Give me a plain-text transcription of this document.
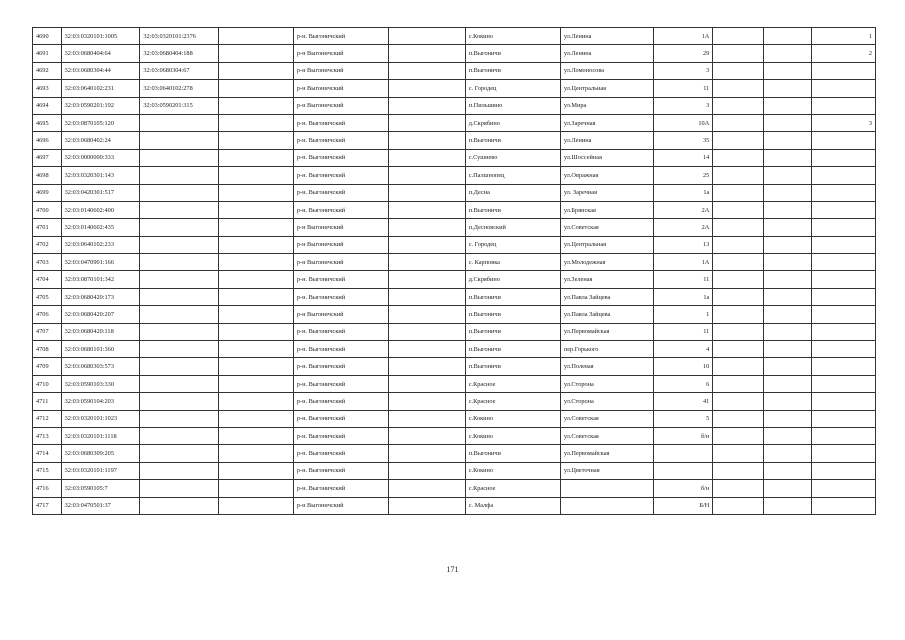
4690	32:03:0320101:1005	32:03:0320101:2376		р-н. Выгоничский		с.Кокино	ул.Ленина	1А			1
4691	32:03:0680404:64	32:03:0680404:188		р-н Выгоничский		п.Выгоничи	ул.Ленина	29			2
4692	32:03:0680304:44	32:03:0680304:67		р-н Выгоничский		п.Выгоничи	ул.Ломоносова	3			
4693	32:03:0640102:231	32:03:0640102:278		р-н Выгоничский		с. Городец	ул.Центральная	11			
4694	32:03:0590201:192	32:03:0590201:315		р-н Выгоничский		п.Пильшино	ул.Мира	3			
4695	32:03:0870105:120			р-н. Выгоничский		д.Скрябино	ул.Заречная	10А			3
4696	32:03:0680402:24			р-н. Выгоничский		п.Выгоничи	ул.Ленина	35			
4697	32:03:0000000:333			р-н. Выгоничский		с.Сушнево	ул.Шоссейная	14			
4698	32:03:0320301:143			р-н. Выгоничский		с.Палшнопец	ул.Овражная	25			
4699	32:03:0420301:517			р-н. Выгоничский		п.Десна	ул. Заречная	1а			
4700	32:03:0140602:400			р-н. Выгоничский		п.Выгоничи	ул.Брянская	2А			
4701	32:03:0140602:435			р-н Выгоничский		п.Десновский	ул.Советская	2А			
4702	32:03:0640102:233			р-н Выгоничский		с. Городец	ул.Центральная	13			
4703	32:03:0470901:166			р-н Выгоничский		с. Карповка	ул.Молодежная	1А			
4704	32:03:0870101:342			р-н. Выгоничский		д.Скрябино	ул.Зеленая	11			
4705	32:03:0680420:173			р-н. Выгоничский		п.Выгоничи	ул.Павла Зайцева	1а			
4706	32:03:0680420:207			р-н Выгоничский		п.Выгоничи	ул.Павла Зайцева	1			
4707	32:03:0680420:118			р-н. Выгоничский		п.Выгоничи	ул.Первомайская	11			
4708	32:03:0680101:360			р-н. Выгоничский		п.Выгоничи	пер.Горького	4			
4709	32:03:0680303:573			р-н. Выгоничский		п.Выгоничи	ул.Полевая	10			
4710	32:03:0590103:330			р-н. Выгоничский		с.Красное	ул.Сторона	6			
4711	32:03:0590104:203			р-н. Выгоничский		с.Красное	ул.Сторона	41			
4712	32:03:0320101:1023			р-н. Выгоничский		с.Кокино	ул.Советская	5			
4713	32:03:0320101:1118			р-н. Выгоничский		с.Кокино	ул.Советская	б/н			
4714	32:03:0680309:205			р-н. Выгоничский		п.Выгоничи	ул.Первомайская				
4715	32:03:0320101:1197			р-н. Выгоничский		с.Кокино	ул.Цветочная				
4716	32:03:0590105:7			р-н. Выгоничский		с.Красное		б/н			
4717	32:03:0470501:37			р-н Выгоничский		с. Малфа		Б/Н			
171
